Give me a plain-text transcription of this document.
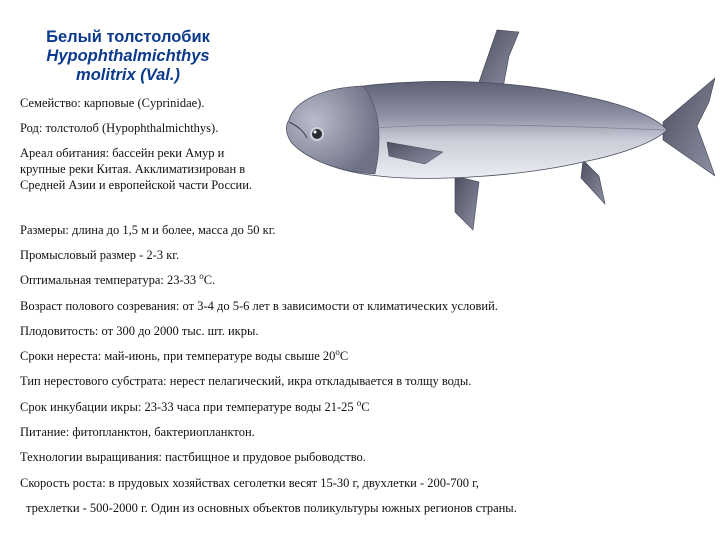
Белый толстолобик
Hypophthalmichthys
molitrix (Val.)
Семейство: карповые (Cyprinidae).
Род: толстолоб (Hypophthalmichthys).
Ареал обитания: бассейн реки Амур и
крупные реки Китая. Акклиматизирован в
Средней Азии и европейской части России.
Размеры: длина до 1,5 м и более, масса до 50 кг.
Промысловый размер - 2-3 кг.
Оптимальная температура: 23-33 $^о$С.
Возраст полового созревания: от 3-4 до 5-6 лет в зависимости от климатических условий.
Плодовитость: от 300 до 2000 тыс. шт. икры.
Сроки нереста: май-июнь, при температуре воды свыше $20^оС$
Тип нерестового субстрата: нерест пелагический, икра откладывается в толщу воды.
Срок инкубации икры: 23-33 часа при температуре воды 21-25 $^о$С
Питание: фитопланктон, бактериопланктон.
Технологии выращивания: пастбищное и прудовое рыбоводство.
Скорость роста: в прудовых хозяйствах сеголетки весят 15-30 г, двухлетки - 200-700 г,
трехлетки - 500-2000 г. Один из основных объектов поликультуры южных регионов страны.
